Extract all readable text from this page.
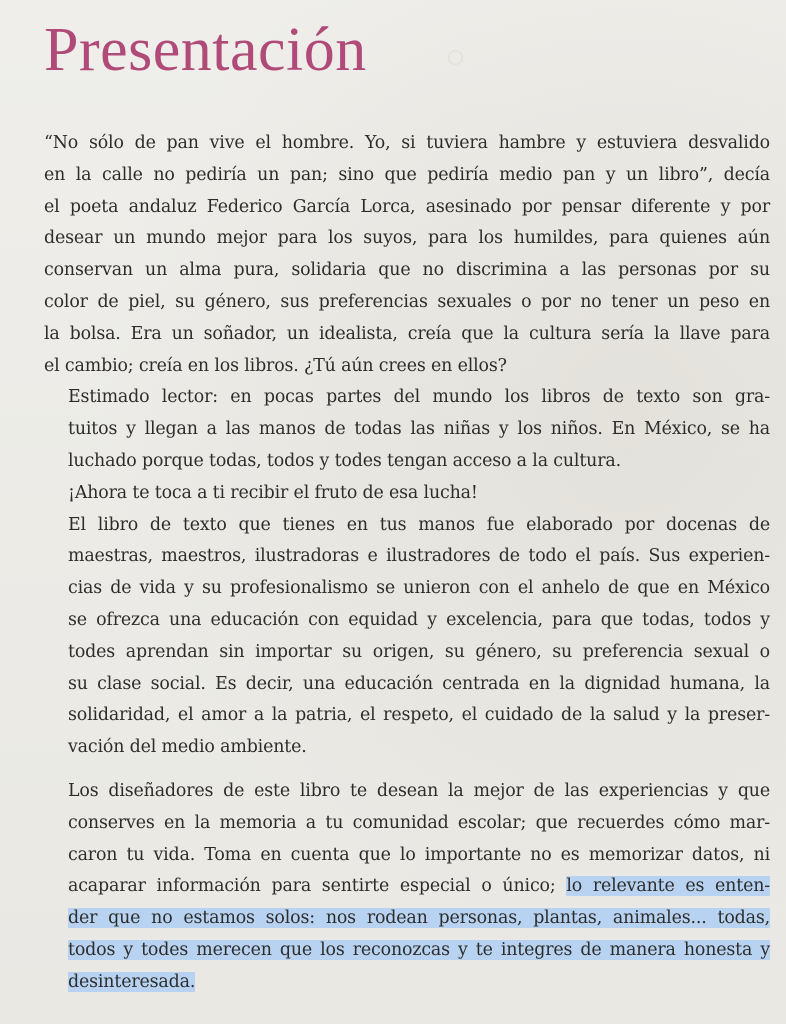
◦
Presentación

“No sólo de pan vive el hombre. Yo, si tuviera hambre y estuviera desvalido
en la calle no pediría un pan; sino que pediría medio pan y un libro”, decía
el poeta andaluz Federico García Lorca, asesinado por pensar diferente y por
desear un mundo mejor para los suyos, para los humildes, para quienes aún
conservan un alma pura, solidaria que no discrimina a las personas por su
color de piel, su género, sus preferencias sexuales o por no tener un peso en
la bolsa. Era un soñador, un idealista, creía que la cultura sería la llave para
el cambio; creía en los libros. ¿Tú aún crees en ellos?

Estimado lector: en pocas partes del mundo los libros de texto son gra-
tuitos y llegan a las manos de todas las niñas y los niños. En México, se ha
luchado porque todas, todos y todes tengan acceso a la cultura.

¡Ahora te toca a ti recibir el fruto de esa lucha!

El libro de texto que tienes en tus manos fue elaborado por docenas de
maestras, maestros, ilustradoras e ilustradores de todo el país. Sus experien-
cias de vida y su profesionalismo se unieron con el anhelo de que en México
se ofrezca una educación con equidad y excelencia, para que todas, todos y
todes aprendan sin importar su origen, su género, su preferencia sexual o
su clase social. Es decir, una educación centrada en la dignidad humana, la
solidaridad, el amor a la patria, el respeto, el cuidado de la salud y la preser-
vación del medio ambiente.

Los diseñadores de este libro te desean la mejor de las experiencias y que
conserves en la memoria a tu comunidad escolar; que recuerdes cómo mar-
caron tu vida. Toma en cuenta que lo importante no es memorizar datos, ni
acaparar información para sentirte especial o único; lo relevante es enten-
der que no estamos solos: nos rodean personas, plantas, animales... todas,
todos y todes merecen que los reconozcas y te integres de manera honesta y
desinteresada.
